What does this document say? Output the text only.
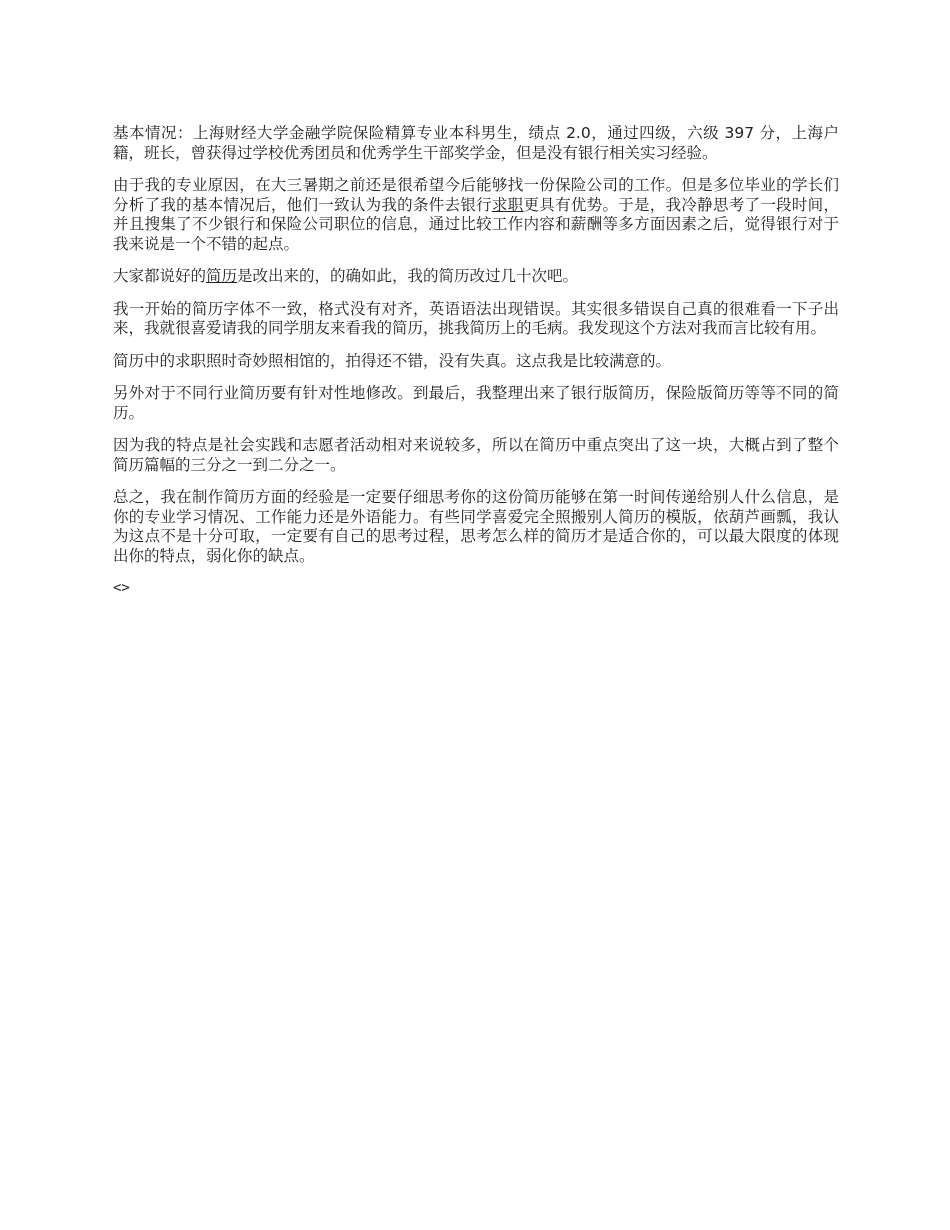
基本情况：上海财经大学金融学院保险精算专业本科男生，绩点 2.0，通过四级，六级 397 分，上海户籍，班长，曾获得过学校优秀团员和优秀学生干部奖学金，但是没有银行相关实习经验。

由于我的专业原因，在大三暑期之前还是很希望今后能够找一份保险公司的工作。但是多位毕业的学长们分析了我的基本情况后，他们一致认为我的条件去银行求职更具有优势。于是，我冷静思考了一段时间，并且搜集了不少银行和保险公司职位的信息，通过比较工作内容和薪酬等多方面因素之后，觉得银行对于我来说是一个不错的起点。

大家都说好的简历是改出来的，的确如此，我的简历改过几十次吧。

我一开始的简历字体不一致，格式没有对齐，英语语法出现错误。其实很多错误自己真的很难看一下子出来，我就很喜爱请我的同学朋友来看我的简历，挑我简历上的毛病。我发现这个方法对我而言比较有用。

简历中的求职照时奇妙照相馆的，拍得还不错，没有失真。这点我是比较满意的。

另外对于不同行业简历要有针对性地修改。到最后，我整理出来了银行版简历，保险版简历等等不同的简历。

因为我的特点是社会实践和志愿者活动相对来说较多，所以在简历中重点突出了这一块，大概占到了整个简历篇幅的三分之一到二分之一。

总之，我在制作简历方面的经验是一定要仔细思考你的这份简历能够在第一时间传递给别人什么信息，是你的专业学习情况、工作能力还是外语能力。有些同学喜爱完全照搬别人简历的模版，依葫芦画瓢，我认为这点不是十分可取，一定要有自己的思考过程，思考怎么样的简历才是适合你的，可以最大限度的体现出你的特点，弱化你的缺点。

<>
